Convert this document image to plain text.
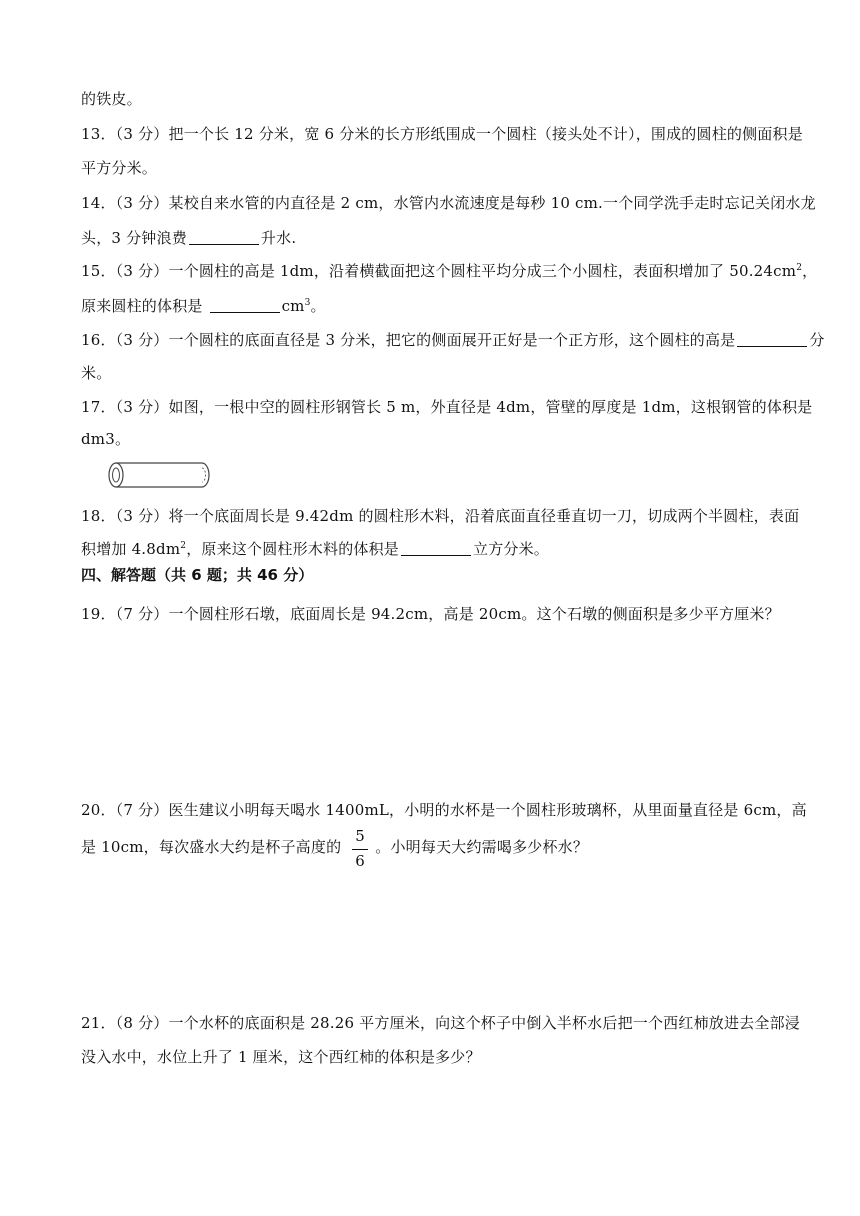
的铁皮。
13．（3 分）把一个长 12 分米，宽 6 分米的长方形纸围成一个圆柱（接头处不计），围成的圆柱的侧面积是
平方分米。
14．（3 分）某校自来水管的内直径是 2 cm，水管内水流速度是每秒 10 cm.一个同学洗手走时忘记关闭水龙
头，3 分钟浪费	升水.
15．（3 分）一个圆柱的高是 1dm，沿着横截面把这个圆柱平均分成三个小圆柱，表面积增加了 $50.24cm^2$，
原来圆柱的体积是	$cm^3$。
16．（3 分）一个圆柱的底面直径是 3 分米，把它的侧面展开正好是一个正方形，这个圆柱的高是	分
米。
17．（3 分）如图，一根中空的圆柱形钢管长 5 m，外直径是 4dm，管壁的厚度是 1dm，这根钢管的体积是
dm3。
18．（3 分）将一个底面周长是 9.42dm 的圆柱形木料，沿着底面直径垂直切一刀，切成两个半圆柱，表面
积增加 $4.8dm^2$，原来这个圆柱形木料的体积是	立方分米。
四、解答题（共 6 题；共 46 分）
19．（7 分）一个圆柱形石墩，底面周长是 94.2cm，高是 20cm。这个石墩的侧面积是多少平方厘米？
20．（7 分）医生建议小明每天喝水 1400mL，小明的水杯是一个圆柱形玻璃杯，从里面量直径是 6cm，高
是 10cm，每次盛水大约是杯子高度的 。小明每天大约需喝多少杯水？
5
6
21．（8 分）一个水杯的底面积是 28.26 平方厘米，向这个杯子中倒入半杯水后把一个西红柿放进去全部浸
没入水中，水位上升了 1 厘米，这个西红柿的体积是多少？
